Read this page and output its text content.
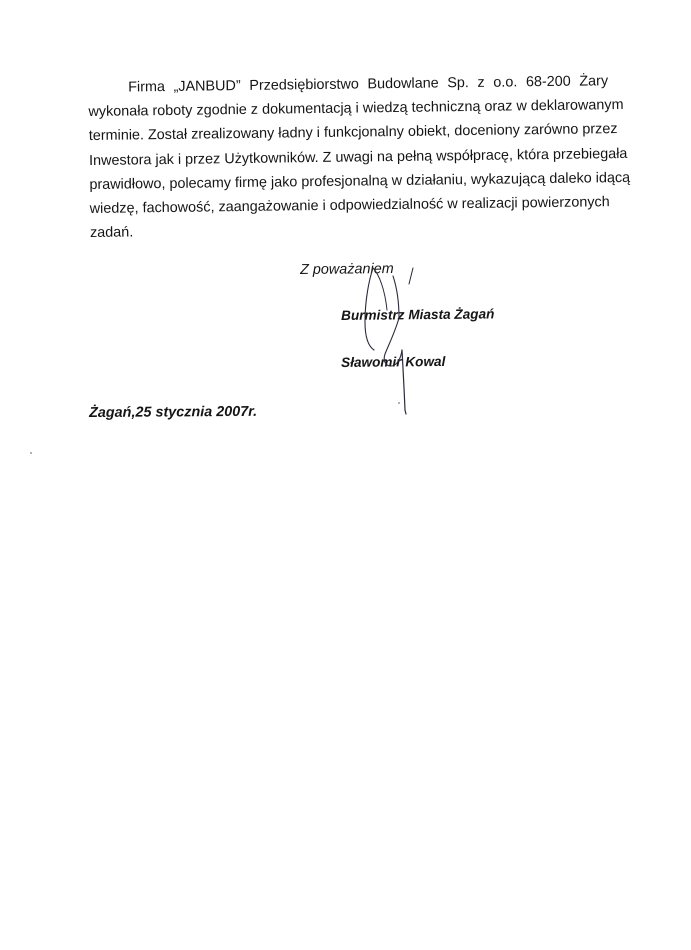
Firma „JANBUD” Przedsiębiorstwo Budowlane Sp. z o.o. 68-200 Żary
wykonała roboty zgodnie z dokumentacją i wiedzą techniczną oraz w deklarowanym
terminie. Został zrealizowany ładny i funkcjonalny obiekt, doceniony zarówno przez
Inwestora jak i przez Użytkowników. Z uwagi na pełną współpracę, która przebiegała
prawidłowo, polecamy firmę jako profesjonalną w działaniu, wykazującą daleko idącą
wiedzę, fachowość, zaangażowanie i odpowiedzialność w realizacji powierzonych
zadań.
Z poważaniem
Burmistrz Miasta Żagań
Sławomir Kowal
Żagań,25 stycznia 2007r.
